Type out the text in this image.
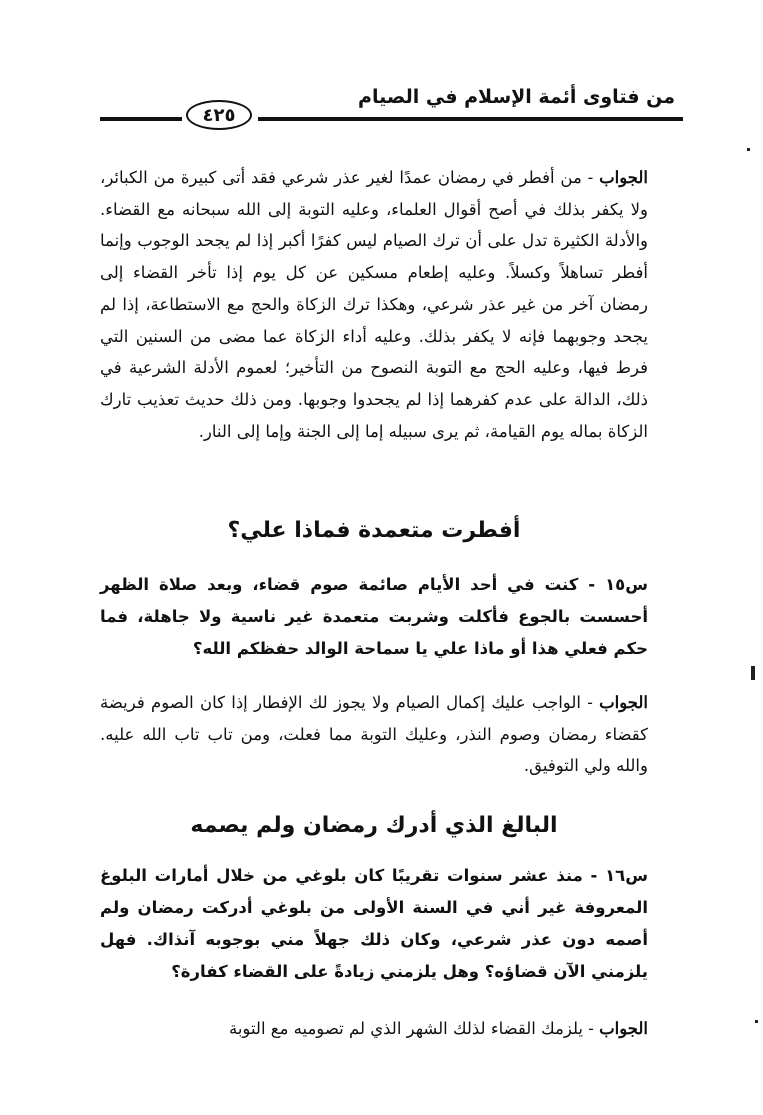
من فتاوى أئمة الإسلام في الصيام
٤٢٥
الجواب - من أفطر في رمضان عمدًا لغير عذر شرعي فقد أتى كبيرة من الكبائر، ولا يكفر بذلك في أصح أقوال العلماء، وعليه التوبة إلى الله سبحانه مع القضاء. والأدلة الكثيرة تدل على أن ترك الصيام ليس كفرًا أكبر إذا لم يجحد الوجوب وإنما أفطر تساهلاً وكسلاً. وعليه إطعام مسكين عن كل يوم إذا تأخر القضاء إلى رمضان آخر من غير عذر شرعي، وهكذا ترك الزكاة والحج مع الاستطاعة، إذا لم يجحد وجوبهما فإنه لا يكفر بذلك. وعليه أداء الزكاة عما مضى من السنين التي فرط فيها، وعليه الحج مع التوبة النصوح من التأخير؛ لعموم الأدلة الشرعية في ذلك، الدالة على عدم كفرهما إذا لم يجحدوا وجوبها. ومن ذلك حديث تعذيب تارك الزكاة بماله يوم القيامة، ثم يرى سبيله إما إلى الجنة وإما إلى النار.
أفطرت متعمدة فماذا علي؟
س١٥ - كنت في أحد الأيام صائمة صوم قضاء، وبعد صلاة الظهر أحسست بالجوع فأكلت وشربت متعمدة غير ناسية ولا جاهلة، فما حكم فعلي هذا أو ماذا علي يا سماحة الوالد حفظكم الله؟
الجواب - الواجب عليك إكمال الصيام ولا يجوز لك الإفطار إذا كان الصوم فريضة كقضاء رمضان وصوم النذر، وعليك التوبة مما فعلت، ومن تاب تاب الله عليه. والله ولي التوفيق.
البالغ الذي أدرك رمضان ولم يصمه
س١٦ - منذ عشر سنوات تقريبًا كان بلوغي من خلال أمارات البلوغ المعروفة غير أني في السنة الأولى من بلوغي أدركت رمضان ولم أصمه دون عذر شرعي، وكان ذلك جهلاً مني بوجوبه آنذاك. فهل يلزمني الآن قضاؤه؟ وهل يلزمني زيادةً على القضاء كفارة؟
الجواب - يلزمك القضاء لذلك الشهر الذي لم تصوميه مع التوبة
